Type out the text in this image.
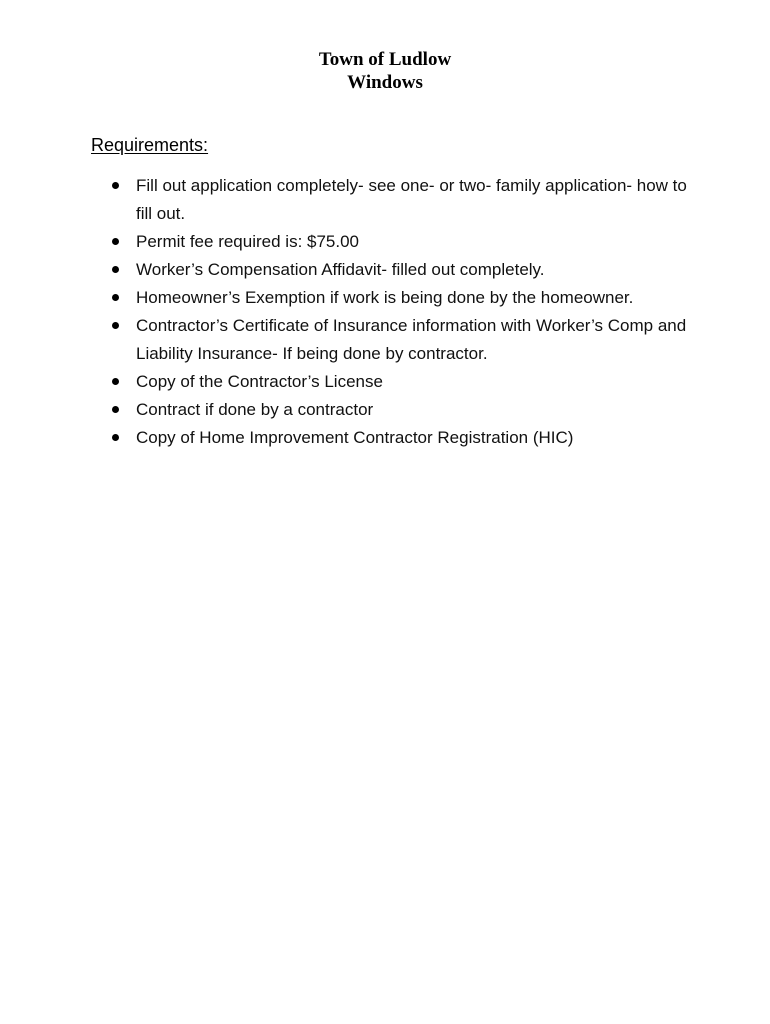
Town of Ludlow
Windows
Requirements:
Fill out application completely- see one- or two- family application- how to fill out.
Permit fee required is: $75.00
Worker’s Compensation Affidavit- filled out completely.
Homeowner’s Exemption if work is being done by the homeowner.
Contractor’s Certificate of Insurance information with Worker’s Comp and Liability Insurance- If being done by contractor.
Copy of the Contractor’s License
Contract if done by a contractor
Copy of Home Improvement Contractor Registration (HIC)
